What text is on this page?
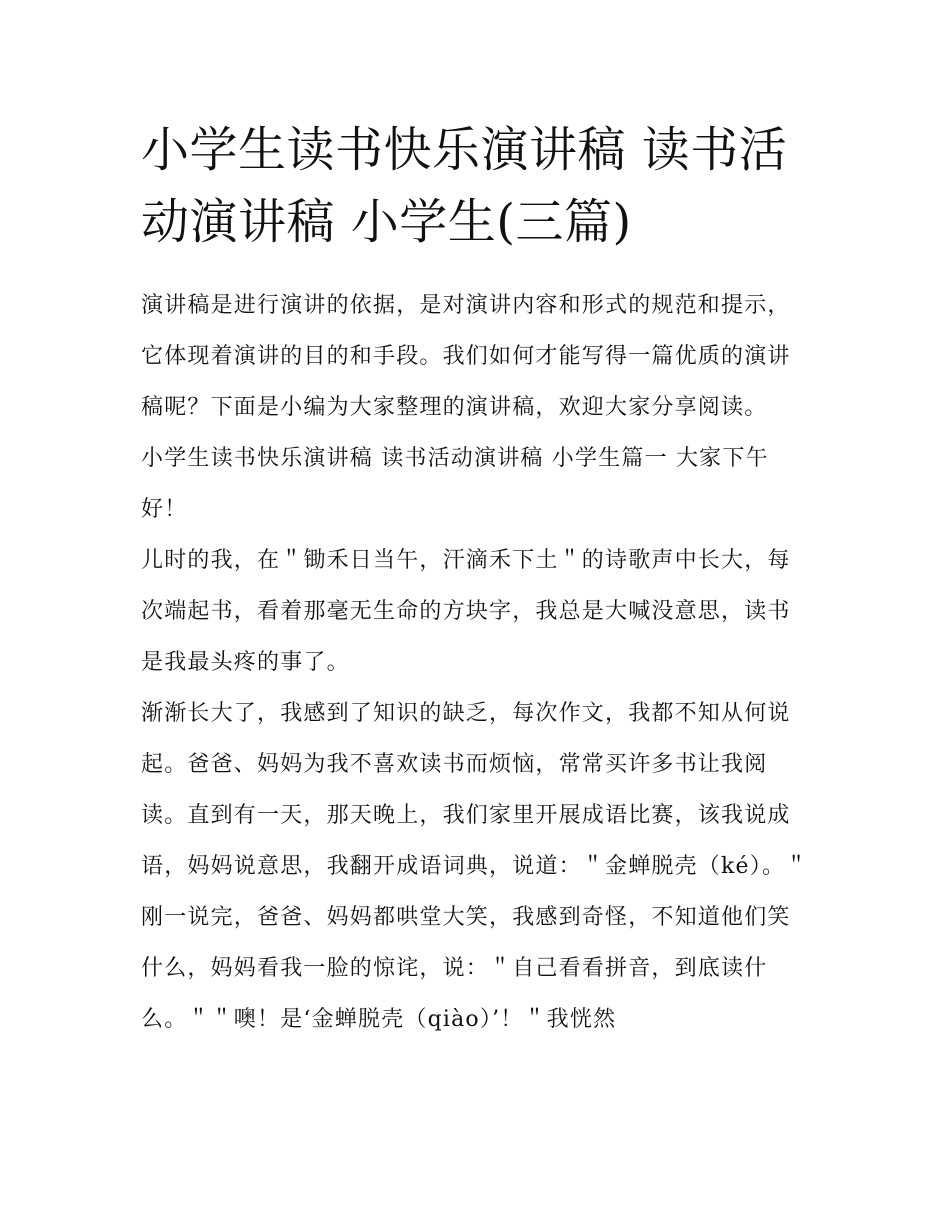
小学生读书快乐演讲稿 读书活动演讲稿 小学生(三篇)

演讲稿是进行演讲的依据，是对演讲内容和形式的规范和提示，它体现着演讲的目的和手段。我们如何才能写得一篇优质的演讲稿呢？下面是小编为大家整理的演讲稿，欢迎大家分享阅读。

小学生读书快乐演讲稿 读书活动演讲稿 小学生篇一 大家下午好！

儿时的我，在＂锄禾日当午，汗滴禾下土＂的诗歌声中长大，每次端起书，看着那毫无生命的方块字，我总是大喊没意思，读书是我最头疼的事了。

渐渐长大了，我感到了知识的缺乏，每次作文，我都不知从何说起。爸爸、妈妈为我不喜欢读书而烦恼，常常买许多书让我阅读。直到有一天，那天晚上，我们家里开展成语比赛，该我说成语，妈妈说意思，我翻开成语词典，说道：＂金蝉脱壳（ké）。＂刚一说完，爸爸、妈妈都哄堂大笑，我感到奇怪，不知道他们笑什么，妈妈看我一脸的惊诧，说：＂自己看看拼音，到底读什么。＂＂噢！是‘金蝉脱壳（qiào）’！＂我恍然
